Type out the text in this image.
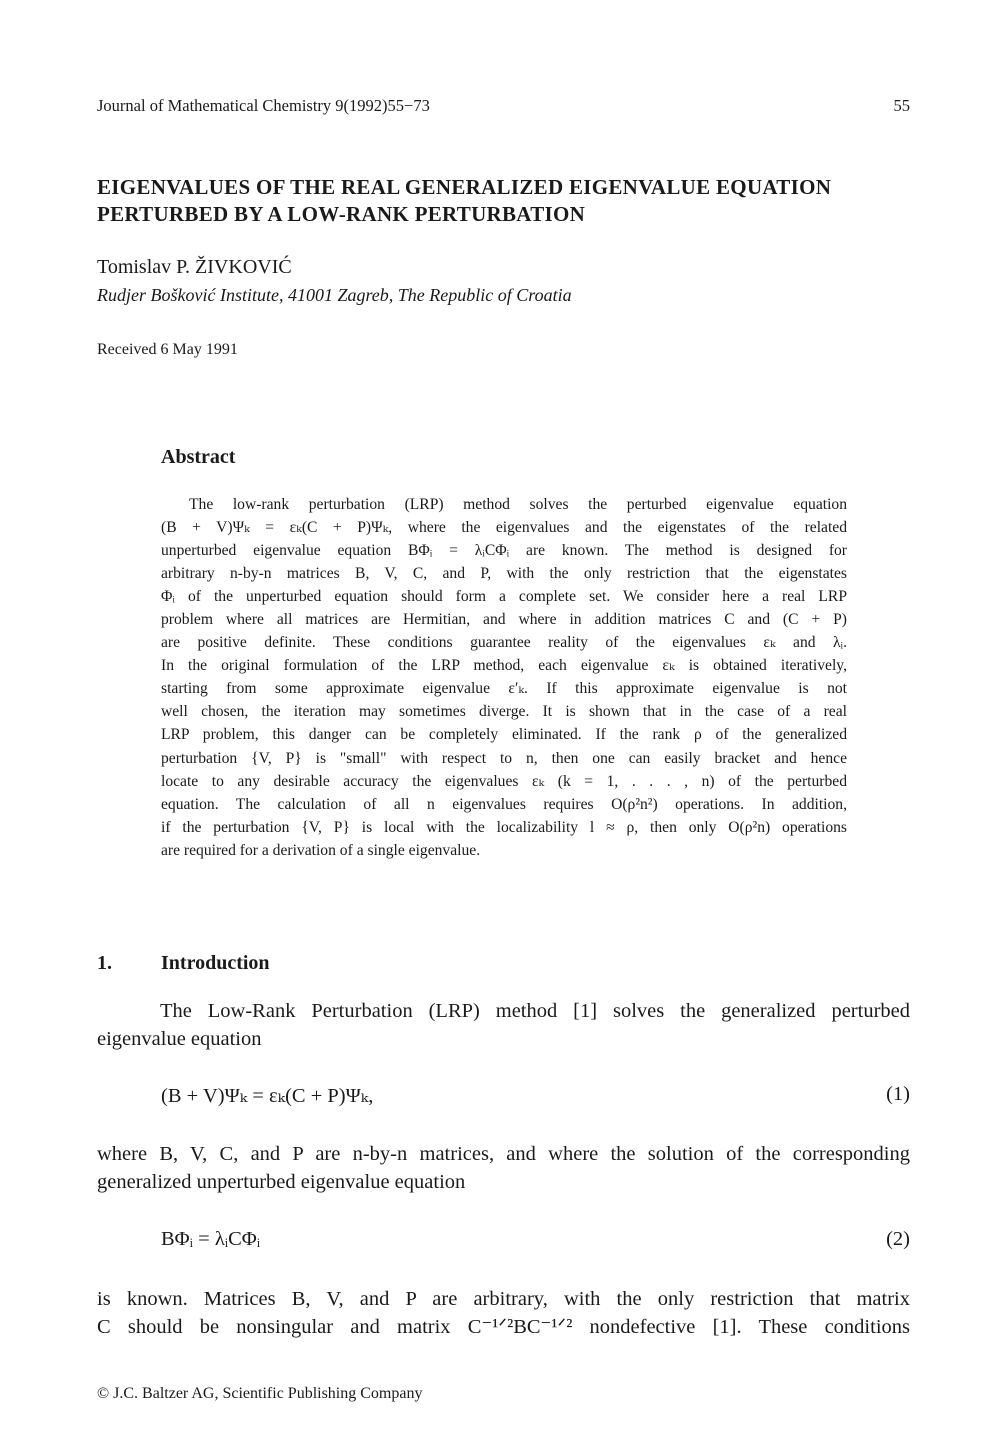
Journal of Mathematical Chemistry 9(1992)55−73	55
EIGENVALUES OF THE REAL GENERALIZED EIGENVALUE EQUATION
PERTURBED BY A LOW-RANK PERTURBATION
Tomislav P. ŽIVKOVIĆ
Rudjer Bošković Institute, 41001 Zagreb, The Republic of Croatia
Received 6 May 1991
Abstract
The low-rank perturbation (LRP) method solves the perturbed eigenvalue equation
(B + V)Ψₖ = εₖ(C + P)Ψₖ, where the eigenvalues and the eigenstates of the related
unperturbed eigenvalue equation BΦᵢ = λᵢCΦᵢ are known. The method is designed for
arbitrary n-by-n matrices B, V, C, and P, with the only restriction that the eigenstates
Φᵢ of the unperturbed equation should form a complete set. We consider here a real LRP
problem where all matrices are Hermitian, and where in addition matrices C and (C + P)
are positive definite. These conditions guarantee reality of the eigenvalues εₖ and λᵢ.
In the original formulation of the LRP method, each eigenvalue εₖ is obtained iteratively,
starting from some approximate eigenvalue ε′ₖ. If this approximate eigenvalue is not
well chosen, the iteration may sometimes diverge. It is shown that in the case of a real
LRP problem, this danger can be completely eliminated. If the rank ρ of the generalized
perturbation {V, P} is "small" with respect to n, then one can easily bracket and hence
locate to any desirable accuracy the eigenvalues εₖ (k = 1, . . . , n) of the perturbed
equation. The calculation of all n eigenvalues requires O(ρ²n²) operations. In addition,
if the perturbation {V, P} is local with the localizability l ≈ ρ, then only O(ρ²n) operations
are required for a derivation of a single eigenvalue.
1. Introduction
The Low-Rank Perturbation (LRP) method [1] solves the generalized perturbed
eigenvalue equation
(B + V)Ψₖ = εₖ(C + P)Ψₖ,	(1)
where B, V, C, and P are n-by-n matrices, and where the solution of the corresponding
generalized unperturbed eigenvalue equation
BΦᵢ = λᵢCΦᵢ	(2)
is known. Matrices B, V, and P are arbitrary, with the only restriction that matrix
C should be nonsingular and matrix C⁻¹ᐟ²BC⁻¹ᐟ² nondefective [1]. These conditions
© J.C. Baltzer AG, Scientific Publishing Company
